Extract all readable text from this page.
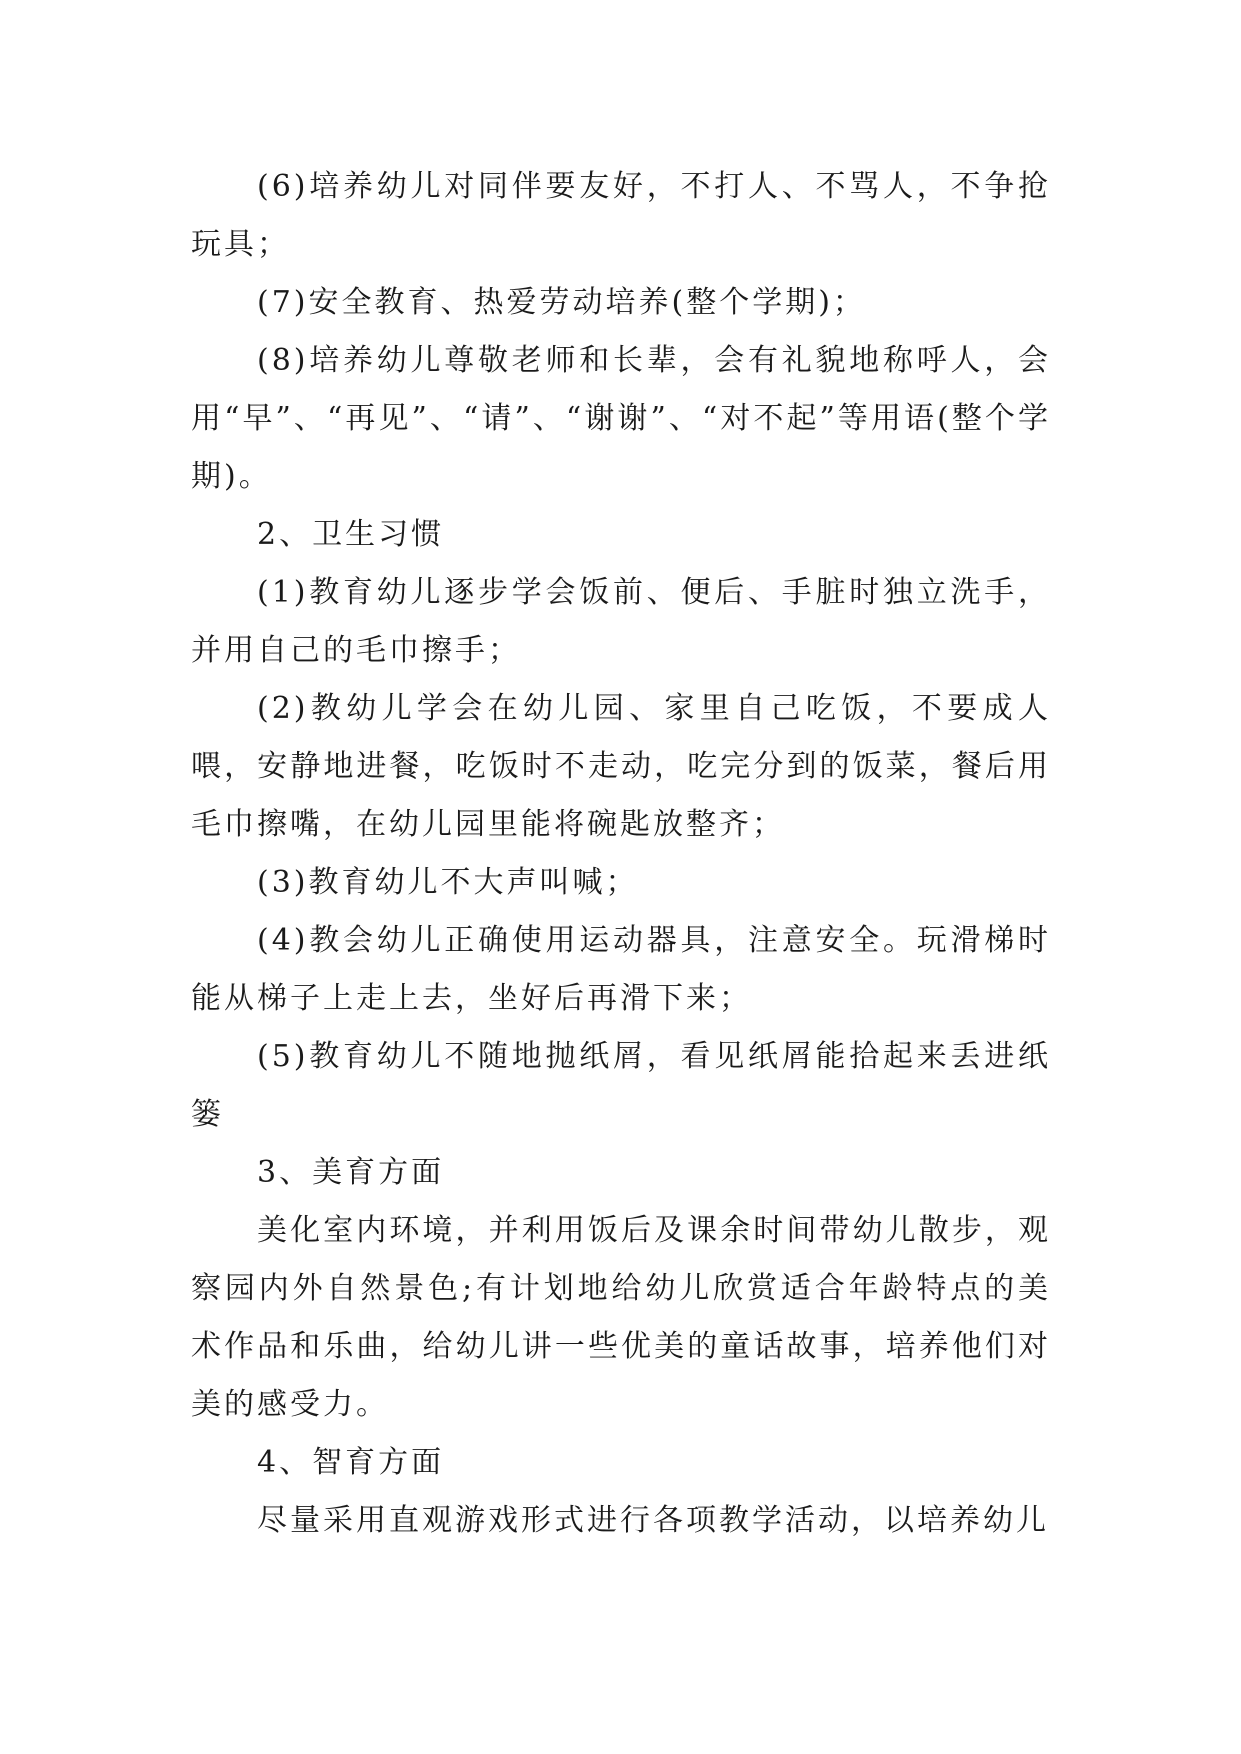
(6)培养幼儿对同伴要友好，不打人、不骂人，不争抢玩具；

(7)安全教育、热爱劳动培养(整个学期)；

(8)培养幼儿尊敬老师和长辈，会有礼貌地称呼人，会用“早”、“再见”、“请”、“谢谢”、“对不起”等用语(整个学期)。

2、卫生习惯

(1)教育幼儿逐步学会饭前、便后、手脏时独立洗手，并用自己的毛巾擦手；

(2)教幼儿学会在幼儿园、家里自己吃饭，不要成人喂，安静地进餐，吃饭时不走动，吃完分到的饭菜，餐后用毛巾擦嘴，在幼儿园里能将碗匙放整齐；

(3)教育幼儿不大声叫喊；

(4)教会幼儿正确使用运动器具，注意安全。玩滑梯时能从梯子上走上去，坐好后再滑下来；

(5)教育幼儿不随地抛纸屑，看见纸屑能拾起来丢进纸篓

3、美育方面

美化室内环境，并利用饭后及课余时间带幼儿散步，观察园内外自然景色;有计划地给幼儿欣赏适合年龄特点的美术作品和乐曲，给幼儿讲一些优美的童话故事，培养他们对美的感受力。

4、智育方面

尽量采用直观游戏形式进行各项教学活动，以培养幼儿
